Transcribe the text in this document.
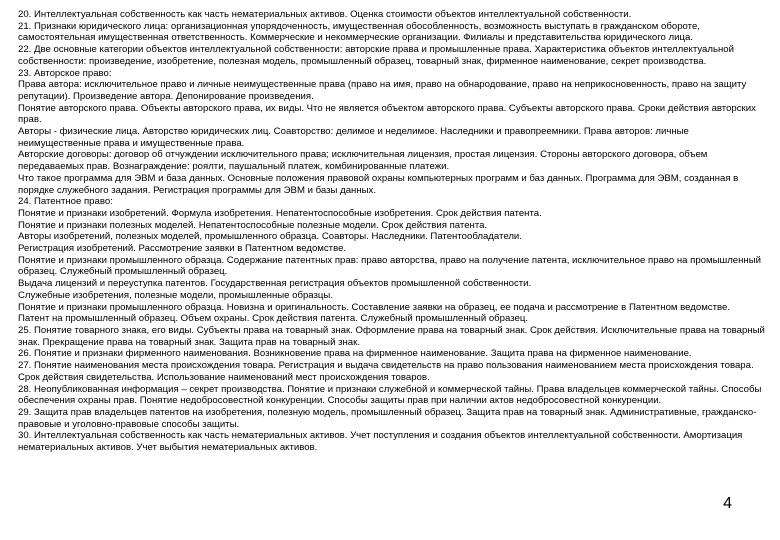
20. Интеллектуальная собственность как часть нематериальных активов. Оценка стоимости объектов интеллектуальной собственности.

21. Признаки юридического лица: организационная упорядоченность, имущественная обособленность, возможность выступать в гражданском обороте, самостоятельная имущественная ответственность. Коммерческие и некоммерческие организации. Филиалы и представительства юридического лица.

22. Две основные категории объектов интеллектуальной собственности: авторские права и промышленные права. Характеристика объектов интеллектуальной собственности: произведение, изобретение, полезная модель, промышленный образец, товарный знак, фирменное наименование, секрет производства.

23. Авторское право:

Права автора: исключительное право и личные неимущественные права (право на имя, право на обнародование, право на неприкосновенность, право на защиту репутации). Произведение автора. Депонирование произведения.

Понятие авторского права. Объекты авторского права, их виды. Что не является объектом авторского права. Субъекты авторского права. Сроки действия авторских прав.

Авторы - физические лица. Авторство юридических лиц. Соавторство: делимое и неделимое. Наследники и правопреемники. Права авторов: личные неимущественные права и имущественные права.

Авторские договоры: договор об отчуждении исключительного права; исключительная лицензия, простая лицензия. Стороны авторского договора, объем передаваемых прав. Вознаграждение: роялти, паушальный платеж, комбинированные платежи.

Что такое программа для ЭВМ и база данных. Основные положения правовой охраны компьютерных программ и баз данных. Программа для ЭВМ, созданная в порядке служебного задания. Регистрация программы для ЭВМ и базы данных.

24. Патентное право:

Понятие и признаки изобретений. Формула изобретения. Непатентоспособные изобретения. Срок действия патента.

Понятие и признаки полезных моделей. Непатентоспособные полезные модели. Срок действия патента.

Авторы изобретений, полезных моделей, промышленного образца. Соавторы. Наследники. Патентообладатели.

Регистрация изобретений. Рассмотрение заявки в Патентном ведомстве.

Понятие и признаки промышленного образца. Содержание патентных прав: право авторства, право на получение патента, исключительное право на промышленный образец. Служебный промышленный образец.

Выдача лицензий и переуступка патентов. Государственная регистрация объектов промышленной собственности.

Служебные изобретения, полезные модели, промышленные образцы.

Понятие и признаки промышленного образца. Новизна и оригинальность. Составление заявки на образец, ее подача и рассмотрение в Патентном ведомстве.

Патент на промышленный образец. Объем охраны. Срок действия патента. Служебный промышленный образец.

25. Понятие товарного знака, его виды. Субъекты права на товарный знак. Оформление права на товарный знак. Срок действия. Исключительные права на товарный знак. Прекращение права на товарный знак. Защита прав на товарный знак.

26. Понятие и признаки фирменного наименования. Возникновение права на фирменное наименование. Защита права на фирменное наименование.

27. Понятие наименования места происхождения товара. Регистрация и выдача свидетельств на право пользования наименованием места происхождения товара. Срок действия свидетельства. Использование наименований мест происхождения товаров.

28. Неопубликованная информация – секрет производства. Понятие и признаки служебной и коммерческой тайны. Права владельцев коммерческой тайны. Способы обеспечения охраны прав. Понятие недобросовестной конкуренции. Способы защиты прав при наличии актов недобросовестной конкуренции.

29. Защита прав владельцев патентов на изобретения, полезную модель, промышленный образец. Защита прав на товарный знак. Административные, гражданско-правовые и уголовно-правовые способы защиты.

30. Интеллектуальная собственность как часть нематериальных активов. Учет поступления и создания объектов интеллектуальной собственности. Амортизация нематериальных активов. Учет выбытия нематериальных активов.

4
